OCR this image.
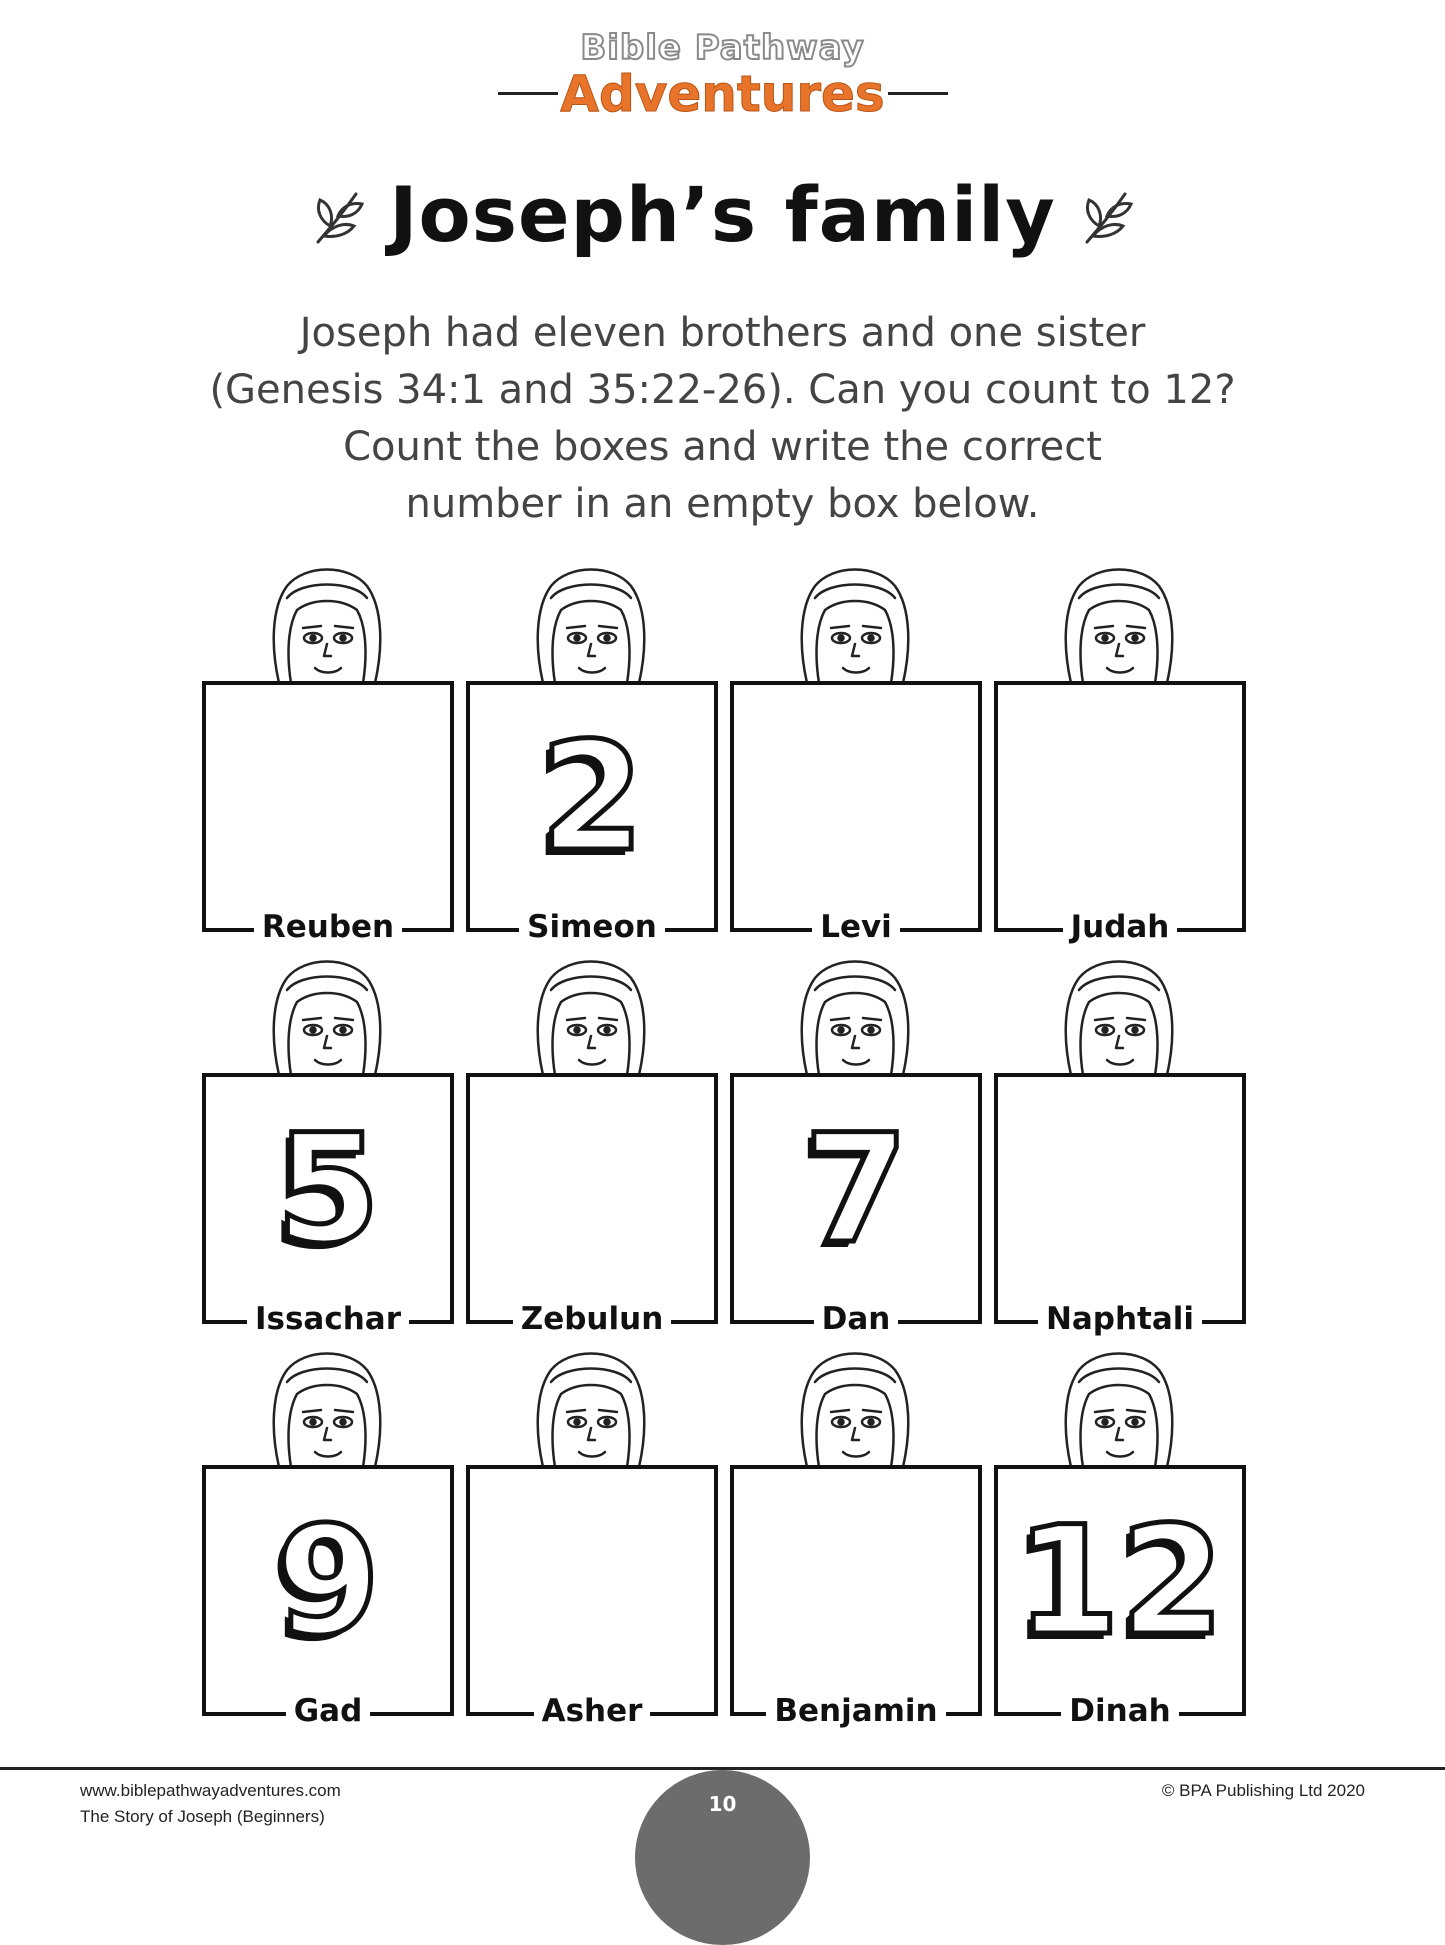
Bible Pathway
Adventures
Joseph’s family
Joseph had eleven brothers and one sister
(Genesis 34:1 and 35:22-26). Can you count to 12?
Count the boxes and write the correct
number in an empty box below.
Reuben
2
Simeon	Levi	Judah
5
Issachar	Zebulun
7
Dan	Naphtali
9
Gad	Asher	Benjamin
12
Dinah
www.biblepathwayadventures.com
The Story of Joseph (Beginners)
© BPA Publishing Ltd 2020
10
